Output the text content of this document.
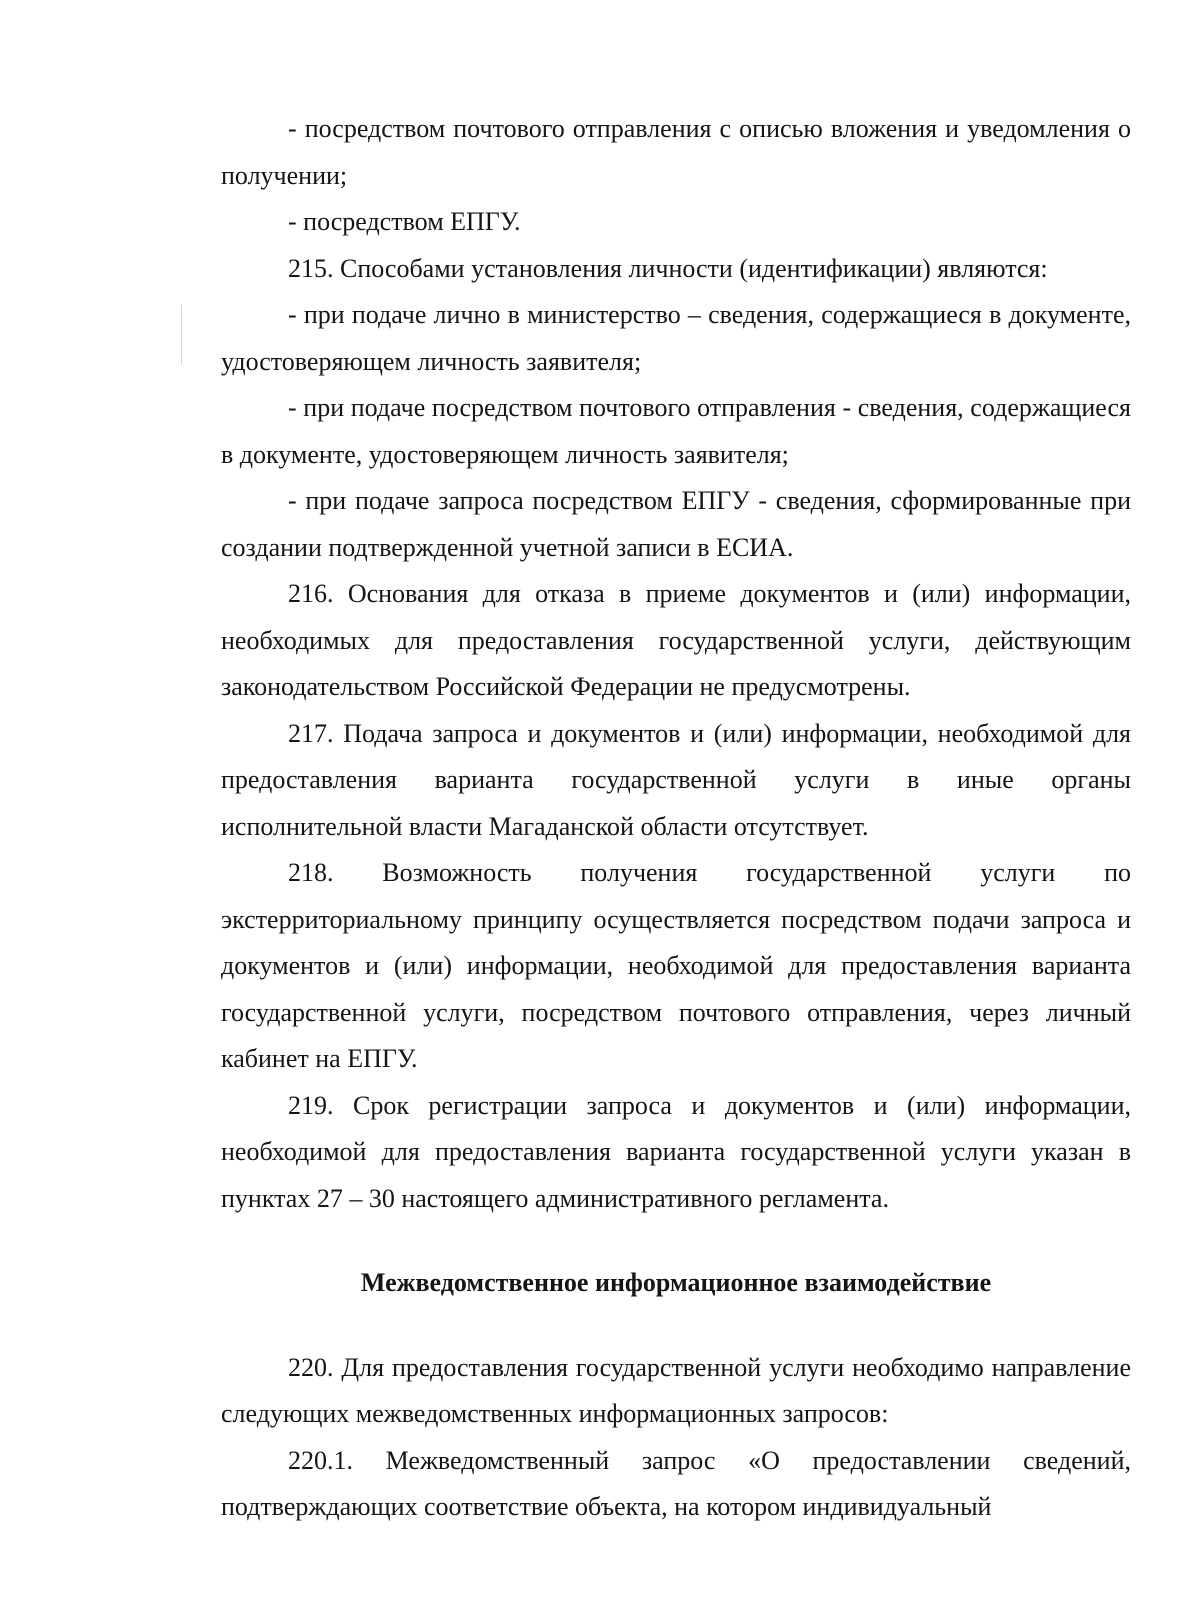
- посредством почтового отправления с описью вложения и уведомления о получении;

- посредством ЕПГУ.

215. Способами установления личности (идентификации) являются:

- при подаче лично в министерство – сведения, содержащиеся в документе, удостоверяющем личность заявителя;

- при подаче посредством почтового отправления - сведения, содержащиеся в документе, удостоверяющем личность заявителя;

- при подаче запроса посредством ЕПГУ - сведения, сформированные при создании подтвержденной учетной записи в ЕСИА.

216. Основания для отказа в приеме документов и (или) информации, необходимых для предоставления государственной услуги, действующим законодательством Российской Федерации не предусмотрены.

217. Подача запроса и документов и (или) информации, необходимой для предоставления варианта государственной услуги в иные органы исполнительной власти Магаданской области отсутствует.

218. Возможность получения государственной услуги по экстерриториальному принципу осуществляется посредством подачи запроса и документов и (или) информации, необходимой для предоставления варианта государственной услуги, посредством почтового отправления, через личный кабинет на ЕПГУ.

219. Срок регистрации запроса и документов и (или) информации, необходимой для предоставления варианта государственной услуги указан в пунктах 27 – 30 настоящего административного регламента.

Межведомственное информационное взаимодействие

220. Для предоставления государственной услуги необходимо направление следующих межведомственных информационных запросов:

220.1. Межведомственный запрос «О предоставлении сведений, подтверждающих соответствие объекта, на котором индивидуальный
